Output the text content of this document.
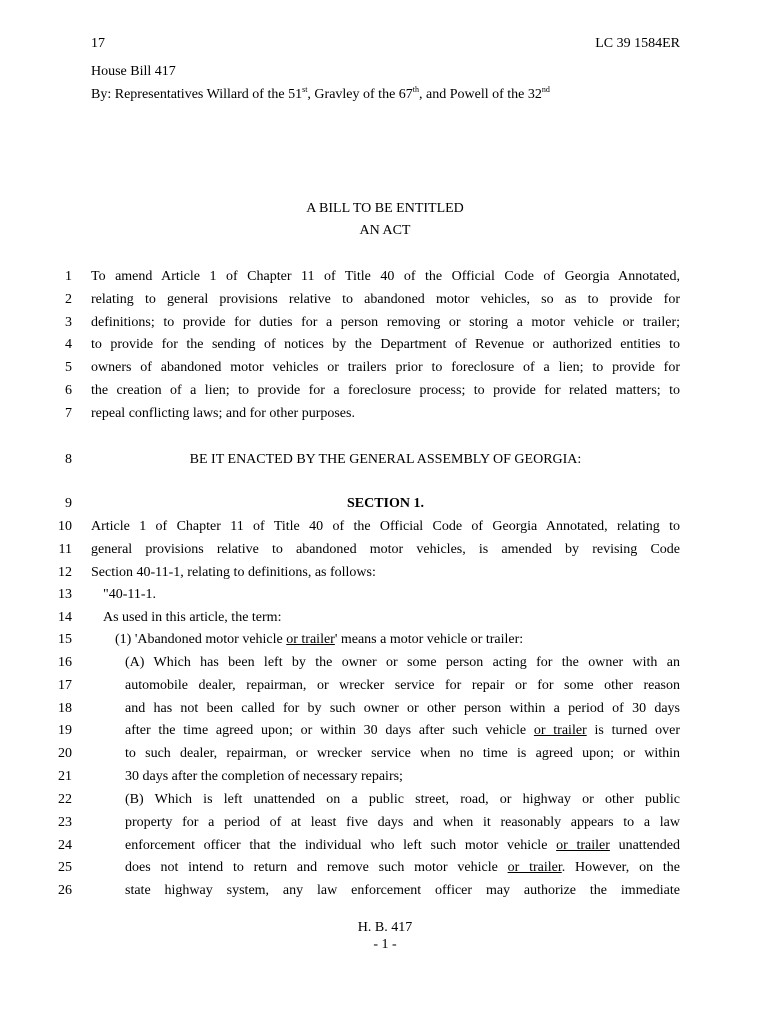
17	LC 39 1584ER
House Bill 417
By: Representatives Willard of the 51st, Gravley of the 67th, and Powell of the 32nd
A BILL TO BE ENTITLED
AN ACT
1 To amend Article 1 of Chapter 11 of Title 40 of the Official Code of Georgia Annotated,
2 relating to general provisions relative to abandoned motor vehicles, so as to provide for
3 definitions; to provide for duties for a person removing or storing a motor vehicle or trailer;
4 to provide for the sending of notices by the Department of Revenue or authorized entities to
5 owners of abandoned motor vehicles or trailers prior to foreclosure of a lien; to provide for
6 the creation of a lien; to provide for a foreclosure process; to provide for related matters; to
7 repeal conflicting laws; and for other purposes.
8	BE IT ENACTED BY THE GENERAL ASSEMBLY OF GEORGIA:
9	SECTION 1.
10 Article 1 of Chapter 11 of Title 40 of the Official Code of Georgia Annotated, relating to
11 general provisions relative to abandoned motor vehicles, is amended by revising Code
12 Section 40-11-1, relating to definitions, as follows:
13 "40-11-1.
14 As used in this article, the term:
15	(1) 'Abandoned motor vehicle or trailer' means a motor vehicle or trailer:
16	(A) Which has been left by the owner or some person acting for the owner with an
17	automobile dealer, repairman, or wrecker service for repair or for some other reason
18	and has not been called for by such owner or other person within a period of 30 days
19	after the time agreed upon; or within 30 days after such vehicle or trailer is turned over
20	to such dealer, repairman, or wrecker service when no time is agreed upon; or within
21	30 days after the completion of necessary repairs;
22	(B) Which is left unattended on a public street, road, or highway or other public
23	property for a period of at least five days and when it reasonably appears to a law
24	enforcement officer that the individual who left such motor vehicle or trailer unattended
25	does not intend to return and remove such motor vehicle or trailer. However, on the
26	state highway system, any law enforcement officer may authorize the immediate
H. B. 417
- 1 -
